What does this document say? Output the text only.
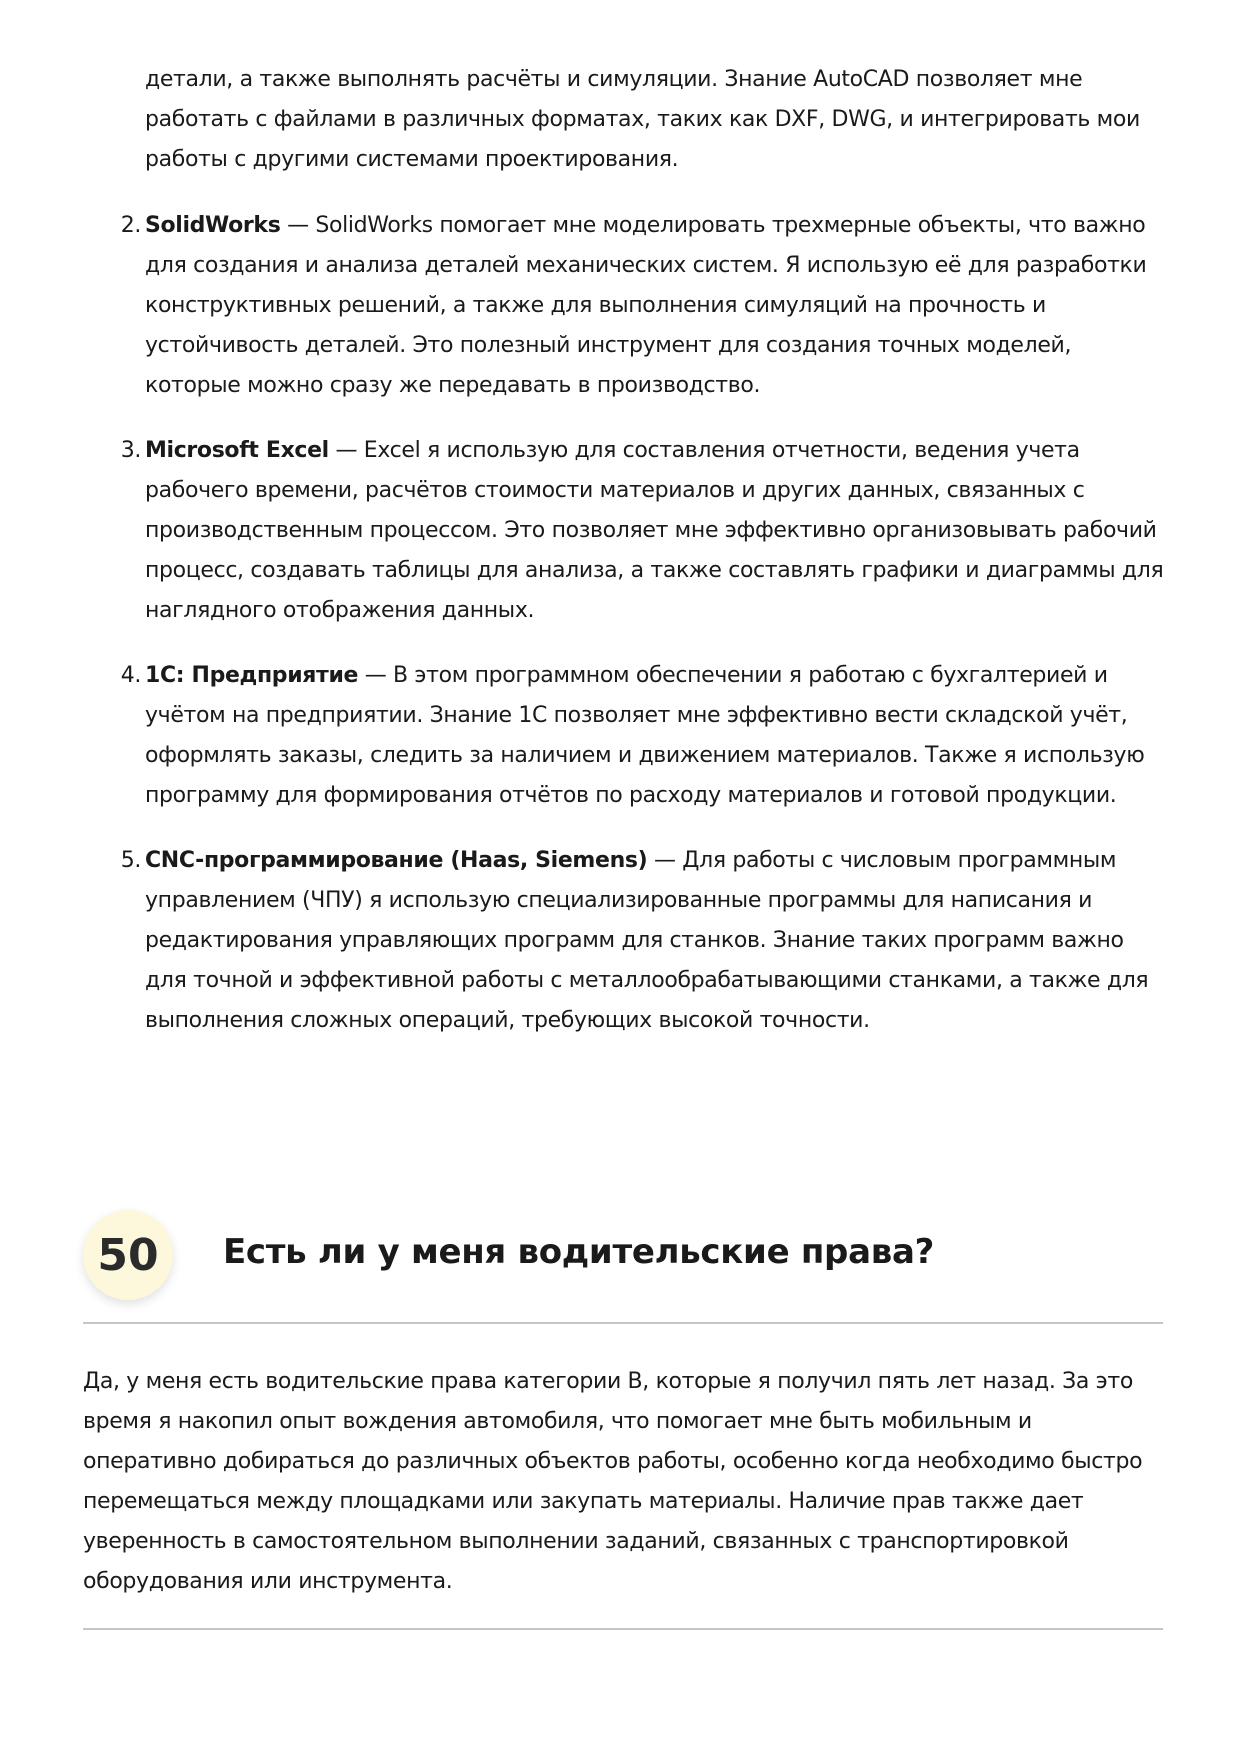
детали, а также выполнять расчёты и симуляции. Знание AutoCAD позволяет мне работать с файлами в различных форматах, таких как DXF, DWG, и интегрировать мои работы с другими системами проектирования.

2. SolidWorks — SolidWorks помогает мне моделировать трехмерные объекты, что важно для создания и анализа деталей механических систем. Я использую её для разработки конструктивных решений, а также для выполнения симуляций на прочность и устойчивость деталей. Это полезный инструмент для создания точных моделей, которые можно сразу же передавать в производство.
3. Microsoft Excel — Excel я использую для составления отчетности, ведения учета рабочего времени, расчётов стоимости материалов и других данных, связанных с производственным процессом. Это позволяет мне эффективно организовывать рабочий процесс, создавать таблицы для анализа, а также составлять графики и диаграммы для наглядного отображения данных.
4. 1С: Предприятие — В этом программном обеспечении я работаю с бухгалтерией и учётом на предприятии. Знание 1С позволяет мне эффективно вести складской учёт, оформлять заказы, следить за наличием и движением материалов. Также я использую программу для формирования отчётов по расходу материалов и готовой продукции.
5. CNC-программирование (Haas, Siemens) — Для работы с числовым программным управлением (ЧПУ) я использую специализированные программы для написания и редактирования управляющих программ для станков. Знание таких программ важно для точной и эффективной работы с металлообрабатывающими станками, а также для выполнения сложных операций, требующих высокой точности.
50	Есть ли у меня водительские права?

Да, у меня есть водительские права категории B, которые я получил пять лет назад. За это время я накопил опыт вождения автомобиля, что помогает мне быть мобильным и оперативно добираться до различных объектов работы, особенно когда необходимо быстро перемещаться между площадками или закупать материалы. Наличие прав также дает уверенность в самостоятельном выполнении заданий, связанных с транспортировкой оборудования или инструмента.
